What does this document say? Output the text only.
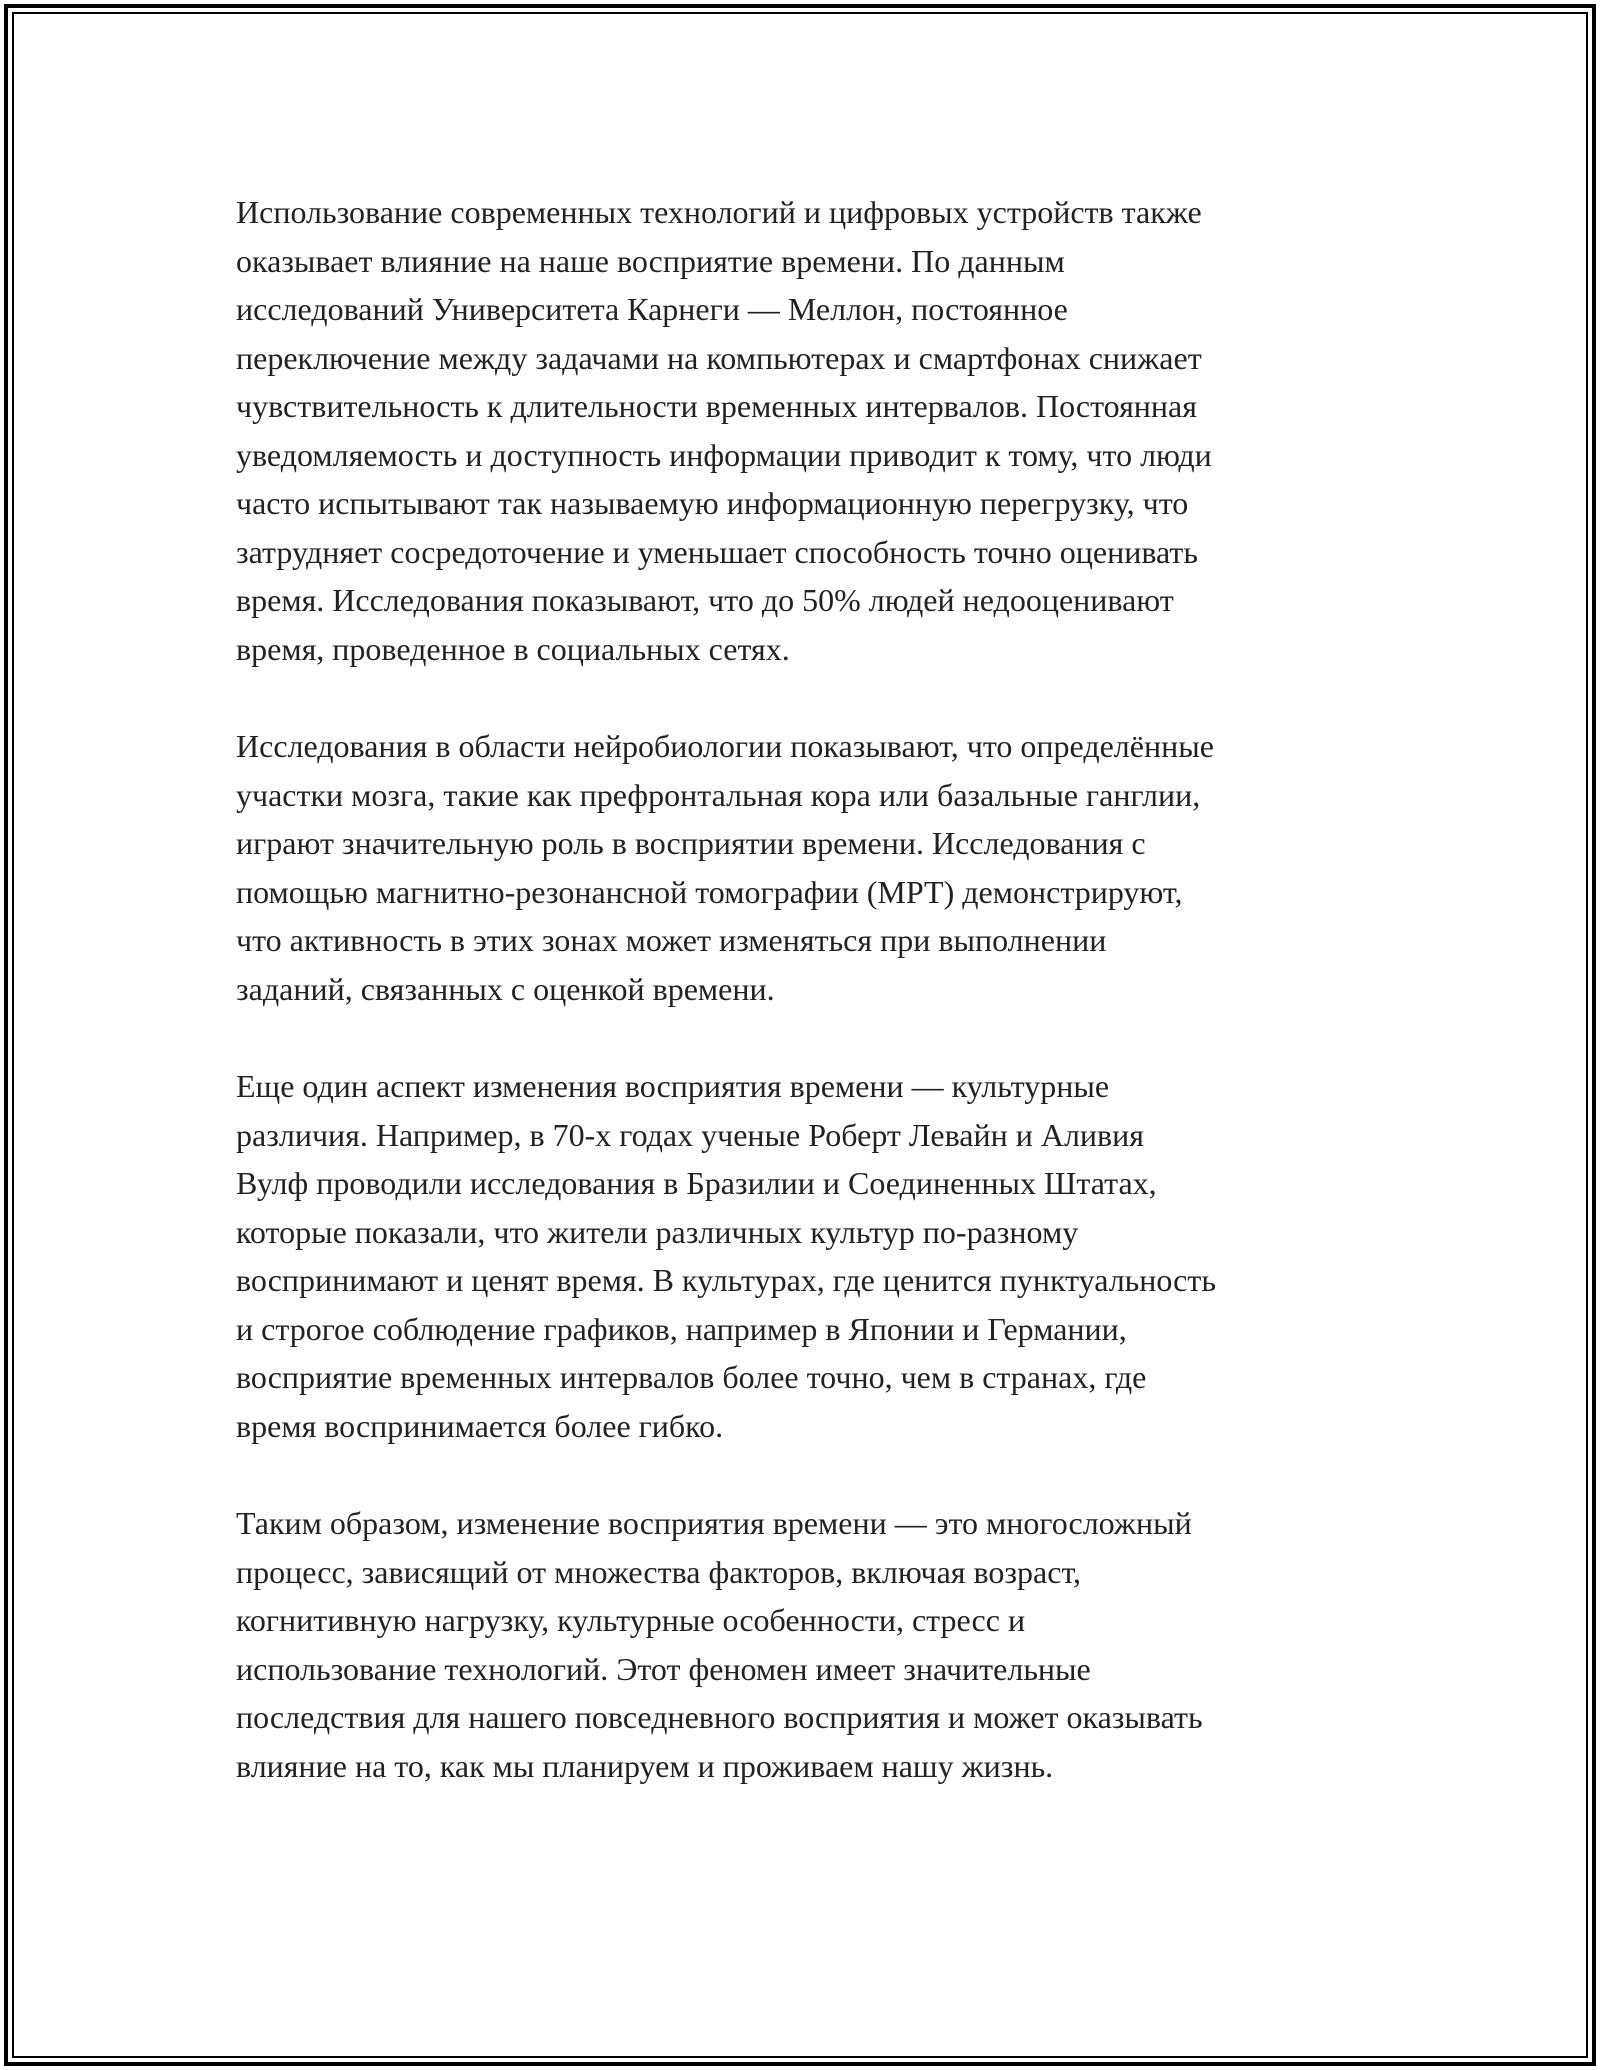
Использование современных технологий и цифровых устройств также
оказывает влияние на наше восприятие времени. По данным
исследований Университета Карнеги — Меллон, постоянное
переключение между задачами на компьютерах и смартфонах снижает
чувствительность к длительности временных интервалов. Постоянная
уведомляемость и доступность информации приводит к тому, что люди
часто испытывают так называемую информационную перегрузку, что
затрудняет сосредоточение и уменьшает способность точно оценивать
время. Исследования показывают, что до 50% людей недооценивают
время, проведенное в социальных сетях.

Исследования в области нейробиологии показывают, что определённые
участки мозга, такие как префронтальная кора или базальные ганглии,
играют значительную роль в восприятии времени. Исследования с
помощью магнитно-резонансной томографии (МРТ) демонстрируют,
что активность в этих зонах может изменяться при выполнении
заданий, связанных с оценкой времени.

Еще один аспект изменения восприятия времени — культурные
различия. Например, в 70-х годах ученые Роберт Левайн и Аливия
Вулф проводили исследования в Бразилии и Соединенных Штатах,
которые показали, что жители различных культур по-разному
воспринимают и ценят время. В культурах, где ценится пунктуальность
и строгое соблюдение графиков, например в Японии и Германии,
восприятие временных интервалов более точно, чем в странах, где
время воспринимается более гибко.

Таким образом, изменение восприятия времени — это многосложный
процесс, зависящий от множества факторов, включая возраст,
когнитивную нагрузку, культурные особенности, стресс и
использование технологий. Этот феномен имеет значительные
последствия для нашего повседневного восприятия и может оказывать
влияние на то, как мы планируем и проживаем нашу жизнь.
